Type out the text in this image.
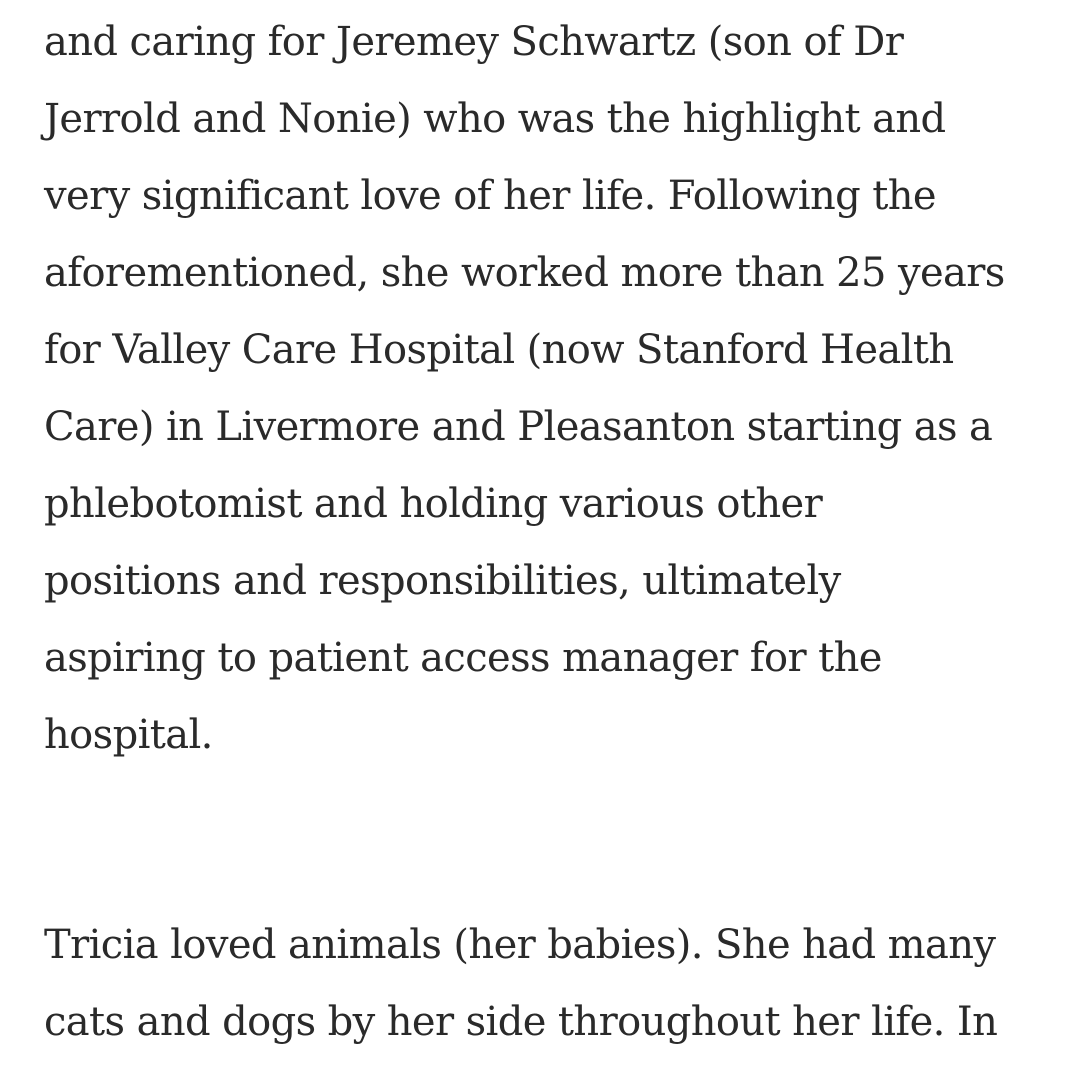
and caring for Jeremey Schwartz (son of Dr
Jerrold and Nonie) who was the highlight and
very significant love of her life. Following the
aforementioned, she worked more than 25 years
for Valley Care Hospital (now Stanford Health
Care) in Livermore and Pleasanton starting as a
phlebotomist and holding various other
positions and responsibilities, ultimately
aspiring to patient access manager for the
hospital.
Tricia loved animals (her babies). She had many
cats and dogs by her side throughout her life. In
